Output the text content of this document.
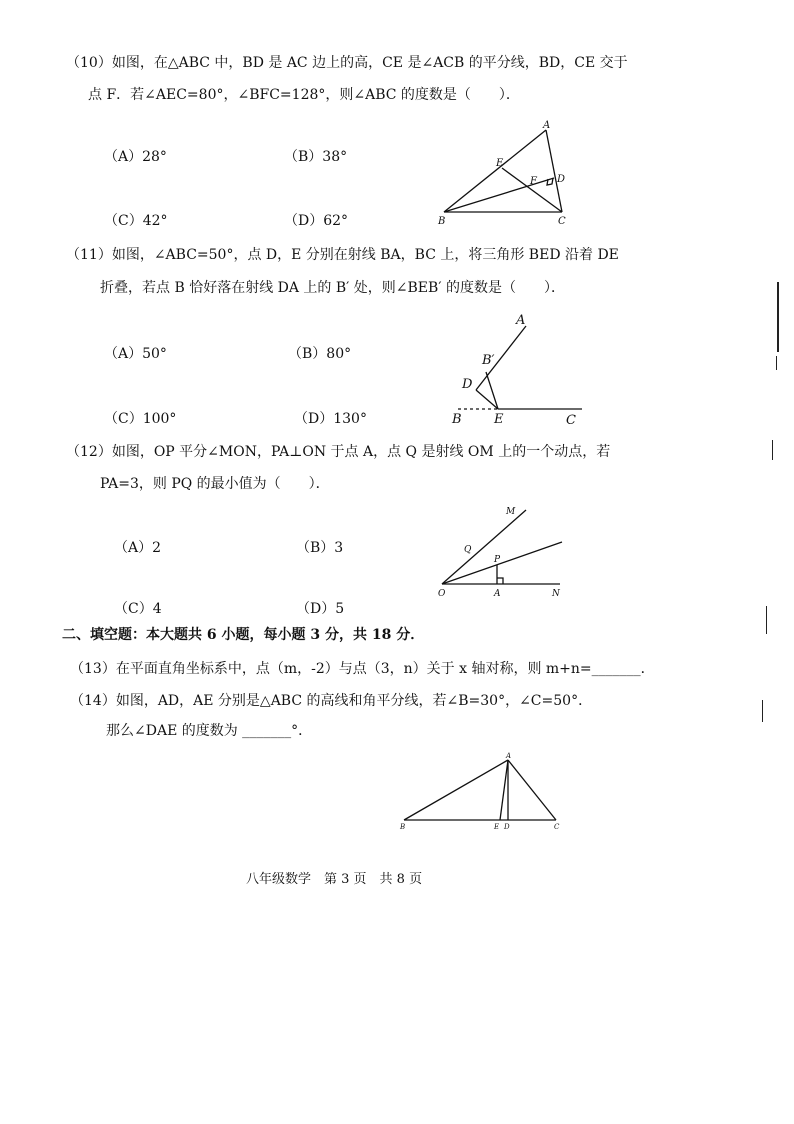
（10）如图，在△ABC 中，BD 是 AC 边上的高，CE 是∠ACB 的平分线，BD，CE 交于
点 F．若∠AEC=80°，∠BFC=128°，则∠ABC 的度数是（　　）．
（A）28°	（B）38°
（C）42°	（D）62°
A
E
F D
B	C
（11）如图，∠ABC=50°，点 D，E 分别在射线 BA，BC 上，将三角形 BED 沿着 DE
折叠，若点 B 恰好落在射线 DA 上的 B′ 处，则∠BEB′ 的度数是（　　）．
（A）50°	（B）80°
（C）100°	（D）130°
A
B′
D
B E	C
（12）如图，OP 平分∠MON，PA⊥ON 于点 A，点 Q 是射线 OM 上的一个动点，若
PA=3，则 PQ 的最小值为（　　）．
（A）2	（B）3
（C）4	（D）5
M
Q
P
O	A	N
二、填空题：本大题共 6 小题，每小题 3 分，共 18 分．
（13）在平面直角坐标系中，点（m，-2）与点（3，n）关于 x 轴对称，则 m+n=_______．
（14）如图，AD，AE 分别是△ABC 的高线和角平分线，若∠B=30°，∠C=50°．
那么∠DAE 的度数为 _______°．
A
B	E D	C
八年级数学　第 3 页　共 8 页
